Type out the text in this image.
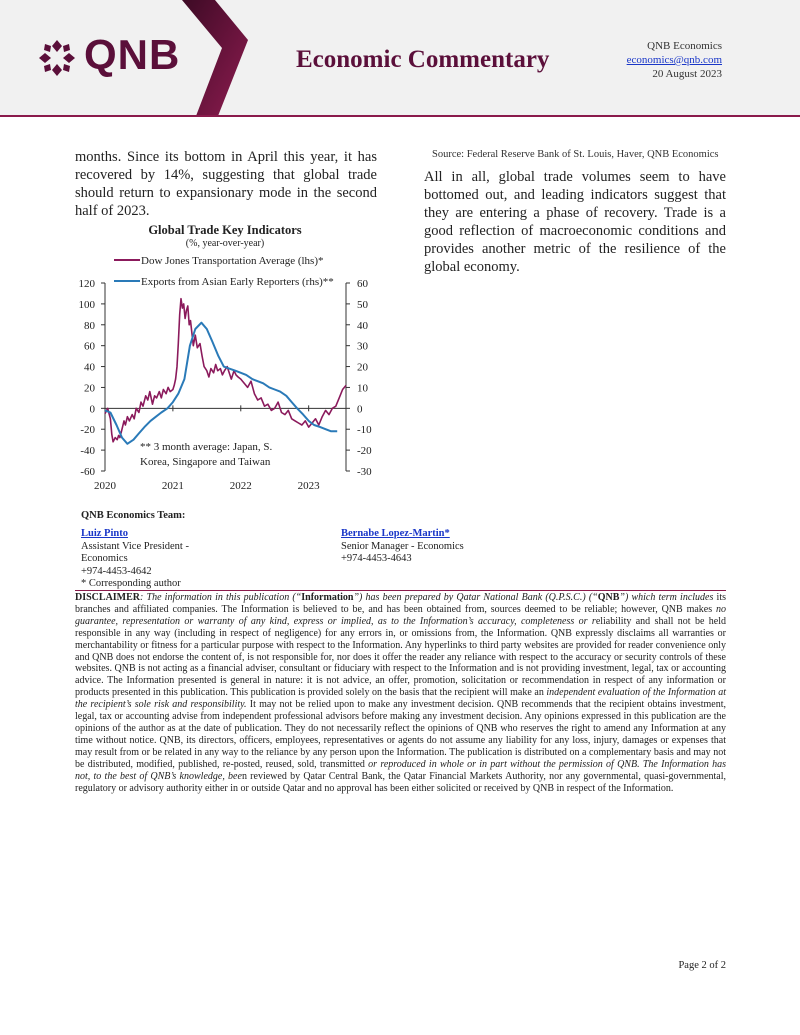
QNB	Economic Commentary	QNB Economics
economics@qnb.com
20 August 2023
months. Since its bottom in April this year, it has recovered by 14%, suggesting that global trade should return to expansionary mode in the second half of 2023.
Source: Federal Reserve Bank of St. Louis, Haver, QNB Economics
All in all, global trade volumes seem to have bottomed out, and leading indicators suggest that they are entering a phase of recovery. Trade is a good reflection of macroeconomic conditions and provides another metric of the resilience of the global economy.
Global Trade Key Indicators
(%, year-over-year)
Dow Jones Transportation Average (lhs)*
Exports from Asian Early Reporters (rhs)**
120
100
80
60
40
20
0
-20
-40
-60
60
50
40
30
20
10
0
-10
-20
-30
2020	2021	2022	2023
** 3 month average: Japan, S.
Korea, Singapore and Taiwan
QNB Economics Team:
Luiz Pinto
Assistant Vice President -
Economics
+974-4453-4642
* Corresponding author
Bernabe Lopez-Martin*
Senior Manager - Economics
+974-4453-4643
DISCLAIMER: The information in this publication (“Information”) has been prepared by Qatar National Bank (Q.P.S.C.) (“QNB”) which term includes its branches and affiliated companies. The Information is believed to be, and has been obtained from, sources deemed to be reliable; however, QNB makes no guarantee, representation or warranty of any kind, express or implied, as to the Information’s accuracy, completeness or reliability and shall not be held responsible in any way (including in respect of negligence) for any errors in, or omissions from, the Information. QNB expressly disclaims all warranties or merchantability or fitness for a particular purpose with respect to the Information. Any hyperlinks to third party websites are provided for reader convenience only and QNB does not endorse the content of, is not responsible for, nor does it offer the reader any reliance with respect to the accuracy or security controls of these websites. QNB is not acting as a financial adviser, consultant or fiduciary with respect to the Information and is not providing investment, legal, tax or accounting advice. The Information presented is general in nature: it is not advice, an offer, promotion, solicitation or recommendation in respect of any information or products presented in this publication. This publication is provided solely on the basis that the recipient will make an independent evaluation of the Information at the recipient’s sole risk and responsibility. It may not be relied upon to make any investment decision. QNB recommends that the recipient obtains investment, legal, tax or accounting advise from independent professional advisors before making any investment decision. Any opinions expressed in this publication are the opinions of the author as at the date of publication. They do not necessarily reflect the opinions of QNB who reserves the right to amend any Information at any time without notice. QNB, its directors, officers, employees, representatives or agents do not assume any liability for any loss, injury, damages or expenses that may result from or be related in any way to the reliance by any person upon the Information. The publication is distributed on a complementary basis and may not be distributed, modified, published, re-posted, reused, sold, transmitted or reproduced in whole or in part without the permission of QNB. The Information has not, to the best of QNB’s knowledge, been reviewed by Qatar Central Bank, the Qatar Financial Markets Authority, nor any governmental, quasi-governmental, regulatory or advisory authority either in or outside Qatar and no approval has been either solicited or received by QNB in respect of the Information.
Page 2 of 2
